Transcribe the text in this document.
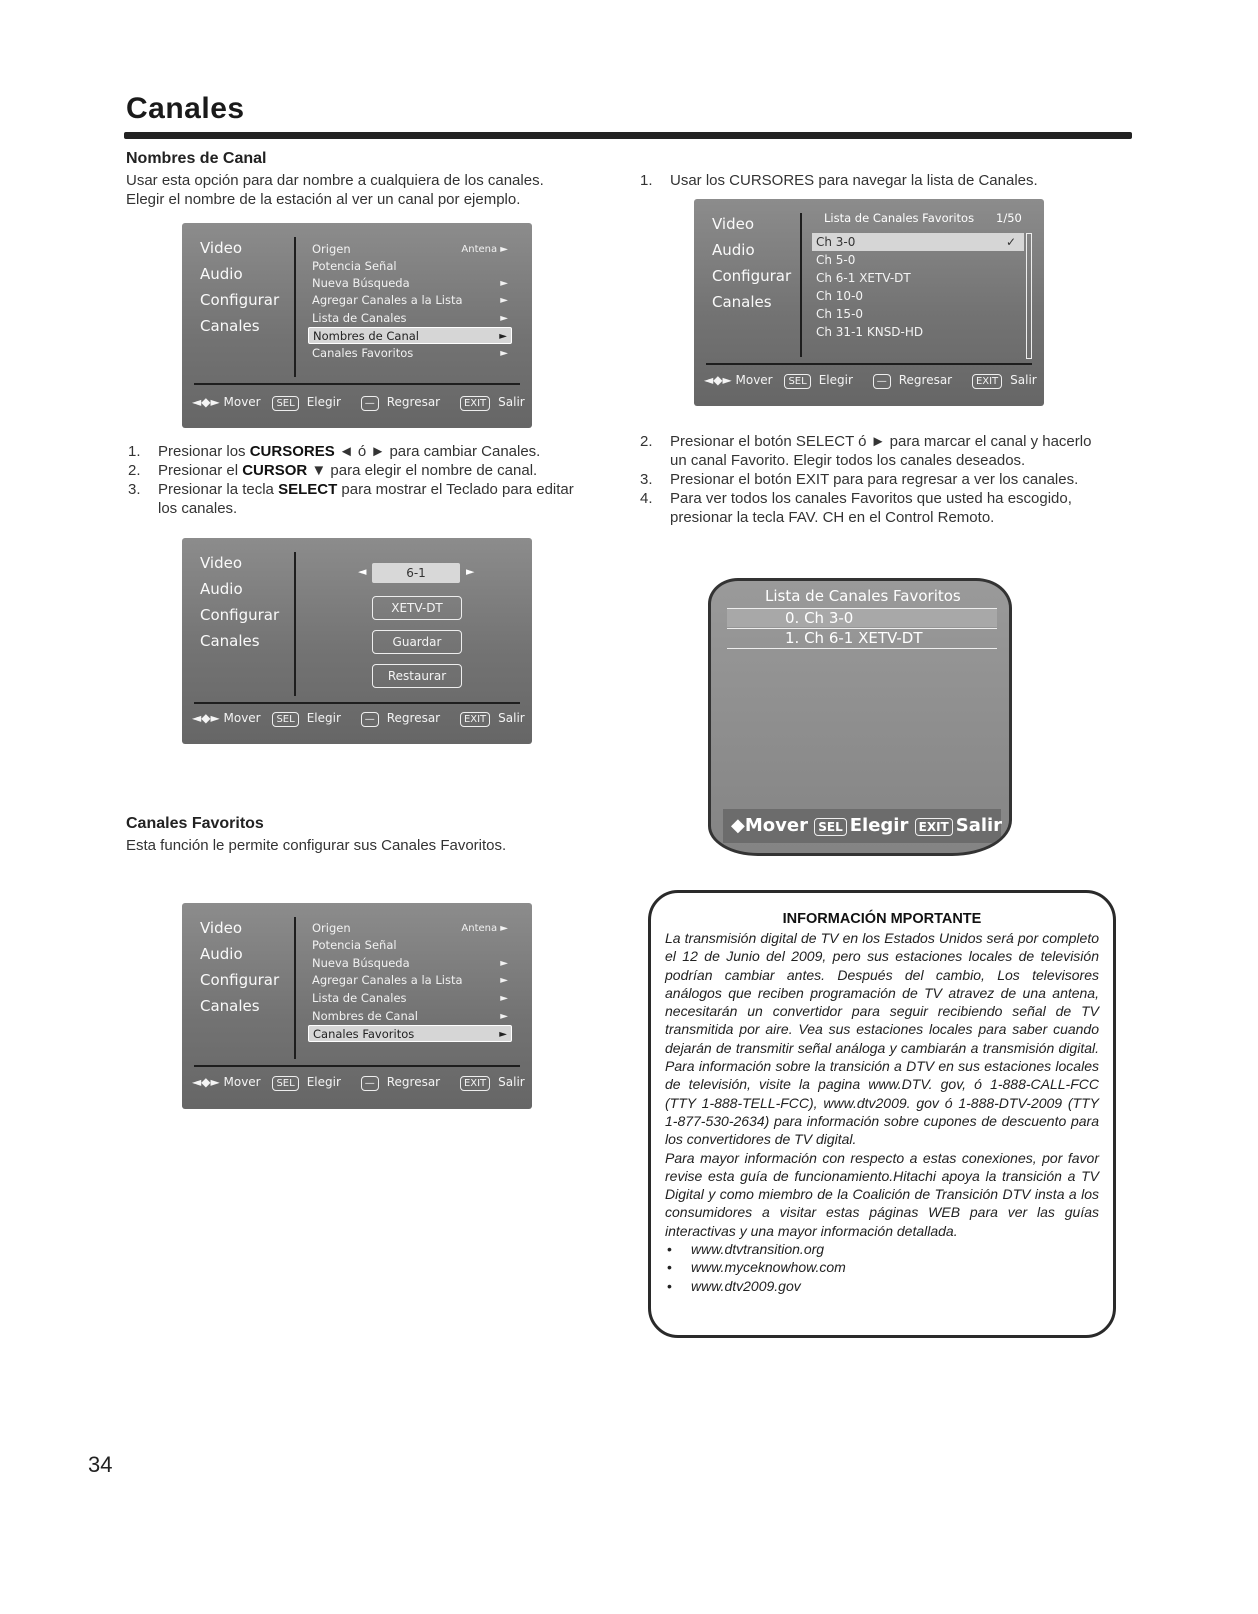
Canales
Nombres de Canal
Usar esta opción para dar nombre a cualquiera de los canales.
Elegir el nombre de la estación al ver un canal por ejemplo.
Video
Audio
Configurar
Canales
Origen	Antena ►
Potencia Señal
Nueva Búsqueda	►
Agregar Canales a la Lista	►
Lista de Canales	►
Nombres de Canal	►
Canales Favoritos	►
◄◆► Mover SEL Elegir — Regresar EXIT Salir
1. Presionar los CURSORES ◄ ó ► para cambiar Canales.
2. Presionar el CURSOR ▼ para elegir el nombre de canal.
3. Presionar la tecla SELECT para mostrar el Teclado para editar
los canales.
Video
Audio
Configurar
Canales
◄	6-1	►
XETV-DT
Guardar
Restaurar
◄◆► Mover SEL Elegir — Regresar EXIT Salir
Canales Favoritos
Esta función le permite configurar sus Canales Favoritos.
Video
Audio
Configurar
Canales
Origen	Antena ►
Potencia Señal
Nueva Búsqueda	►
Agregar Canales a la Lista	►
Lista de Canales	►
Nombres de Canal	►
Canales Favoritos	►
◄◆► Mover SEL Elegir — Regresar EXIT Salir
1. Usar los CURSORES para navegar la lista de Canales.
Video
Audio
Configurar
Canales
Lista de Canales Favoritos 1/50
Ch 3-0	✓
Ch 5-0
Ch 6-1 XETV-DT
Ch 10-0
Ch 15-0
Ch 31-1 KNSD-HD
◄◆► Mover SEL Elegir — Regresar EXIT Salir
2. Presionar el botón SELECT ó ► para marcar el canal y hacerlo
un canal Favorito. Elegir todos los canales deseados.
3. Presionar el botón EXIT para para regresar a ver los canales.
4. Para ver todos los canales Favoritos que usted ha escogido,
presionar la tecla FAV. CH en el Control Remoto.
Lista de Canales Favoritos
0. Ch 3-0
1. Ch 6-1 XETV-DT
◆Mover SEL Elegir EXIT Salir
INFORMACIÓN MPORTANTE
La transmisión digital de TV en los Estados Unidos será por completo el 12 de Junio del 2009, pero sus estaciones locales de televisión podrían cambiar antes. Después del cambio, Los televisores análogos que reciben programación de TV atravez de una antena, necesitarán un convertidor para seguir recibiendo señal de TV transmitida por aire. Vea sus estaciones locales para saber cuando dejarán de transmitir señal análoga y cambiarán a transmisión digital. Para información sobre la transición a DTV en sus estaciones locales de televisión, visite la pagina www.DTV. gov, ó 1-888-CALL-FCC (TTY 1-888-TELL-FCC), www.dtv2009. gov ó 1-888-DTV-2009 (TTY 1-877-530-2634) para información sobre cupones de descuento para los convertidores de TV digital.
Para mayor información con respecto a estas conexiones, por favor revise esta guía de funcionamiento.Hitachi apoya la transición a TV Digital y como miembro de la Coalición de Transición DTV insta a los consumidores a visitar estas páginas WEB para ver las guías interactivas y una mayor información detallada.
• www.dtvtransition.org
• www.myceknowhow.com
• www.dtv2009.gov
34
